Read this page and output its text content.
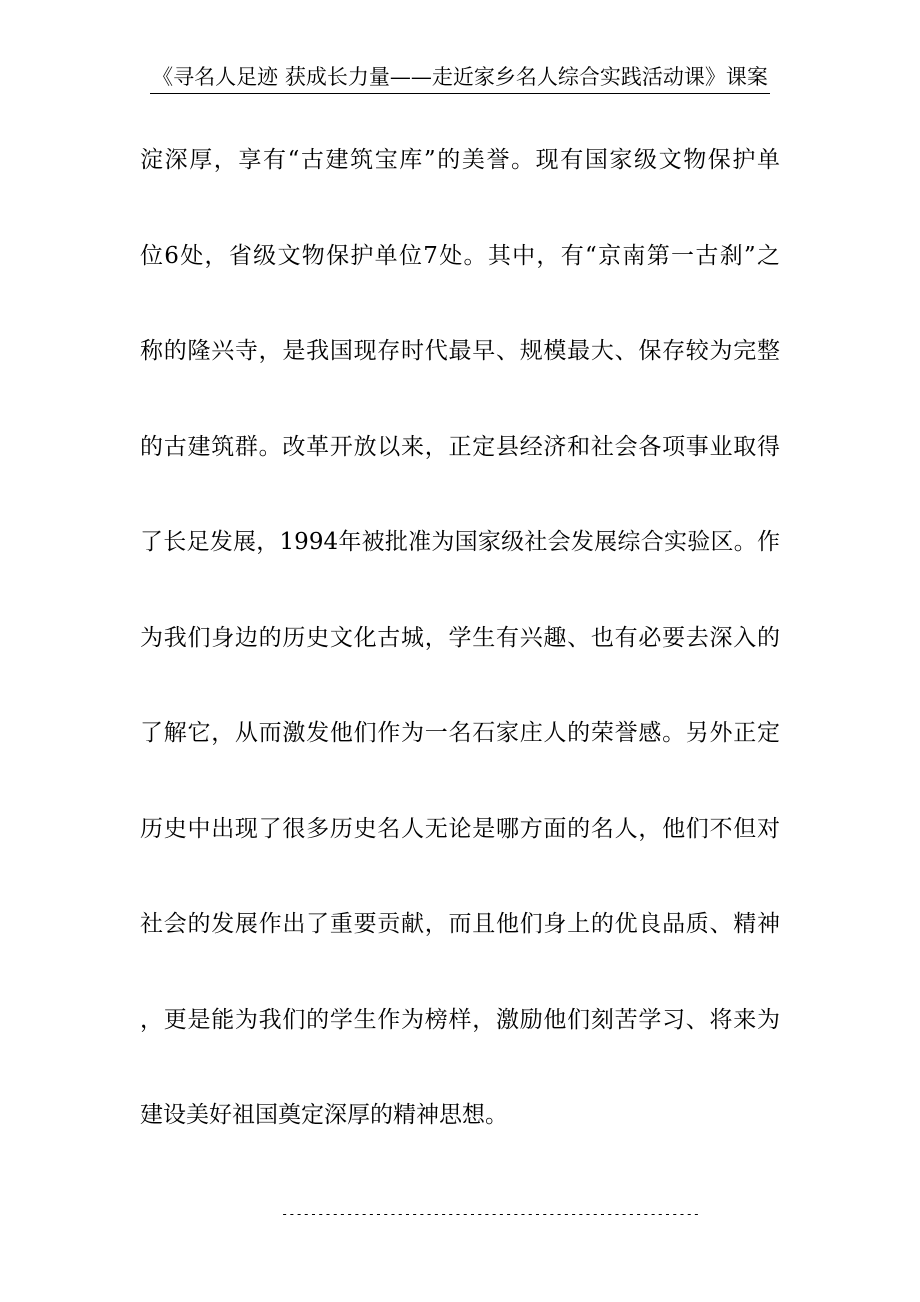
《寻名人足迹 获成长力量——走近家乡名人综合实践活动课》课案
淀深厚，享有“古建筑宝库”的美誉。现有国家级文物保护单
位6处，省级文物保护单位7处。其中，有“京南第一古刹”之
称的隆兴寺，是我国现存时代最早、规模最大、保存较为完整
的古建筑群。改革开放以来，正定县经济和社会各项事业取得
了长足发展，1994年被批准为国家级社会发展综合实验区。作
为我们身边的历史文化古城，学生有兴趣、也有必要去深入的
了解它，从而激发他们作为一名石家庄人的荣誉感。另外正定
历史中出现了很多历史名人无论是哪方面的名人，他们不但对
社会的发展作出了重要贡献，而且他们身上的优良品质、精神
，更是能为我们的学生作为榜样，激励他们刻苦学习、将来为
建设美好祖国奠定深厚的精神思想。
----------------------------------------------------------
